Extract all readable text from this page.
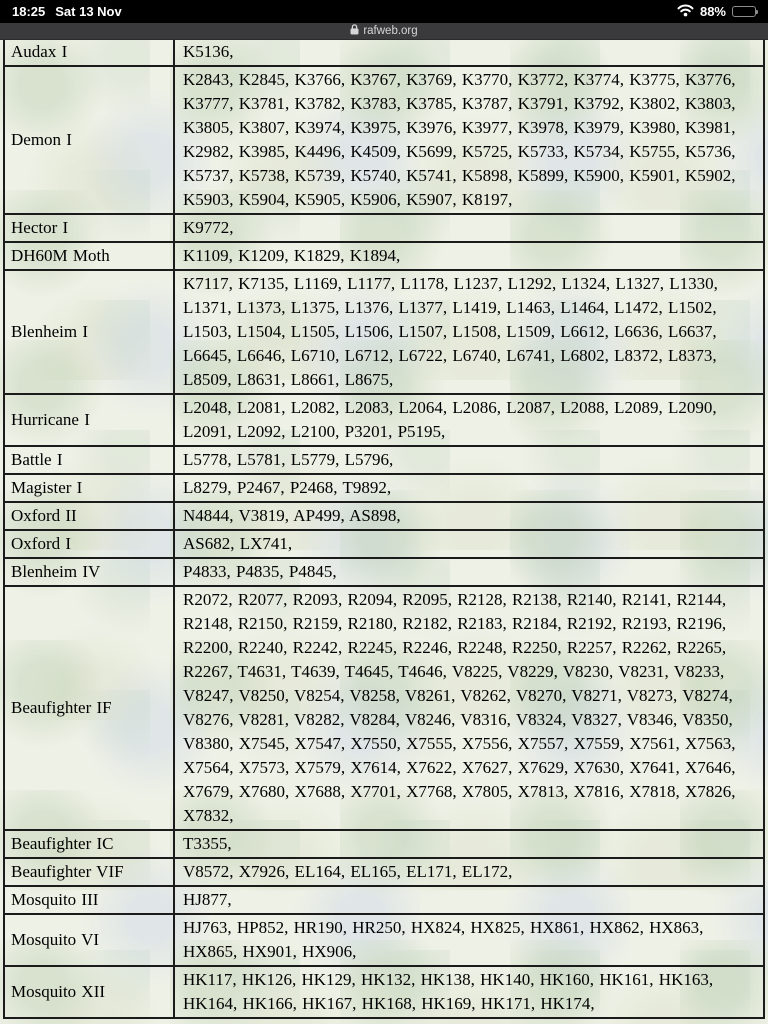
18:25 Sat 13 Nov	88%
rafweb.org
Audax I	K5136,
Demon I	K2843, K2845, K3766, K3767, K3769, K3770, K3772, K3774, K3775, K3776, K3777, K3781, K3782, K3783, K3785, K3787, K3791, K3792, K3802, K3803, K3805, K3807, K3974, K3975, K3976, K3977, K3978, K3979, K3980, K3981, K2982, K3985, K4496, K4509, K5699, K5725, K5733, K5734, K5755, K5736, K5737, K5738, K5739, K5740, K5741, K5898, K5899, K5900, K5901, K5902, K5903, K5904, K5905, K5906, K5907, K8197,
Hector I	K9772,
DH60M Moth	K1109, K1209, K1829, K1894,
Blenheim I	K7117, K7135, L1169, L1177, L1178, L1237, L1292, L1324, L1327, L1330, L1371, L1373, L1375, L1376, L1377, L1419, L1463, L1464, L1472, L1502, L1503, L1504, L1505, L1506, L1507, L1508, L1509, L6612, L6636, L6637, L6645, L6646, L6710, L6712, L6722, L6740, L6741, L6802, L8372, L8373, L8509, L8631, L8661, L8675,
Hurricane I	L2048, L2081, L2082, L2083, L2064, L2086, L2087, L2088, L2089, L2090, L2091, L2092, L2100, P3201, P5195,
Battle I	L5778, L5781, L5779, L5796,
Magister I	L8279, P2467, P2468, T9892,
Oxford II	N4844, V3819, AP499, AS898,
Oxford I	AS682, LX741,
Blenheim IV	P4833, P4835, P4845,
Beaufighter IF	R2072, R2077, R2093, R2094, R2095, R2128, R2138, R2140, R2141, R2144, R2148, R2150, R2159, R2180, R2182, R2183, R2184, R2192, R2193, R2196, R2200, R2240, R2242, R2245, R2246, R2248, R2250, R2257, R2262, R2265, R2267, T4631, T4639, T4645, T4646, V8225, V8229, V8230, V8231, V8233, V8247, V8250, V8254, V8258, V8261, V8262, V8270, V8271, V8273, V8274, V8276, V8281, V8282, V8284, V8246, V8316, V8324, V8327, V8346, V8350, V8380, X7545, X7547, X7550, X7555, X7556, X7557, X7559, X7561, X7563, X7564, X7573, X7579, X7614, X7622, X7627, X7629, X7630, X7641, X7646, X7679, X7680, X7688, X7701, X7768, X7805, X7813, X7816, X7818, X7826, X7832,
Beaufighter IC	T3355,
Beaufighter VIF	V8572, X7926, EL164, EL165, EL171, EL172,
Mosquito III	HJ877,
Mosquito VI	HJ763, HP852, HR190, HR250, HX824, HX825, HX861, HX862, HX863, HX865, HX901, HX906,
Mosquito XII	HK117, HK126, HK129, HK132, HK138, HK140, HK160, HK161, HK163, HK164, HK166, HK167, HK168, HK169, HK171, HK174,
